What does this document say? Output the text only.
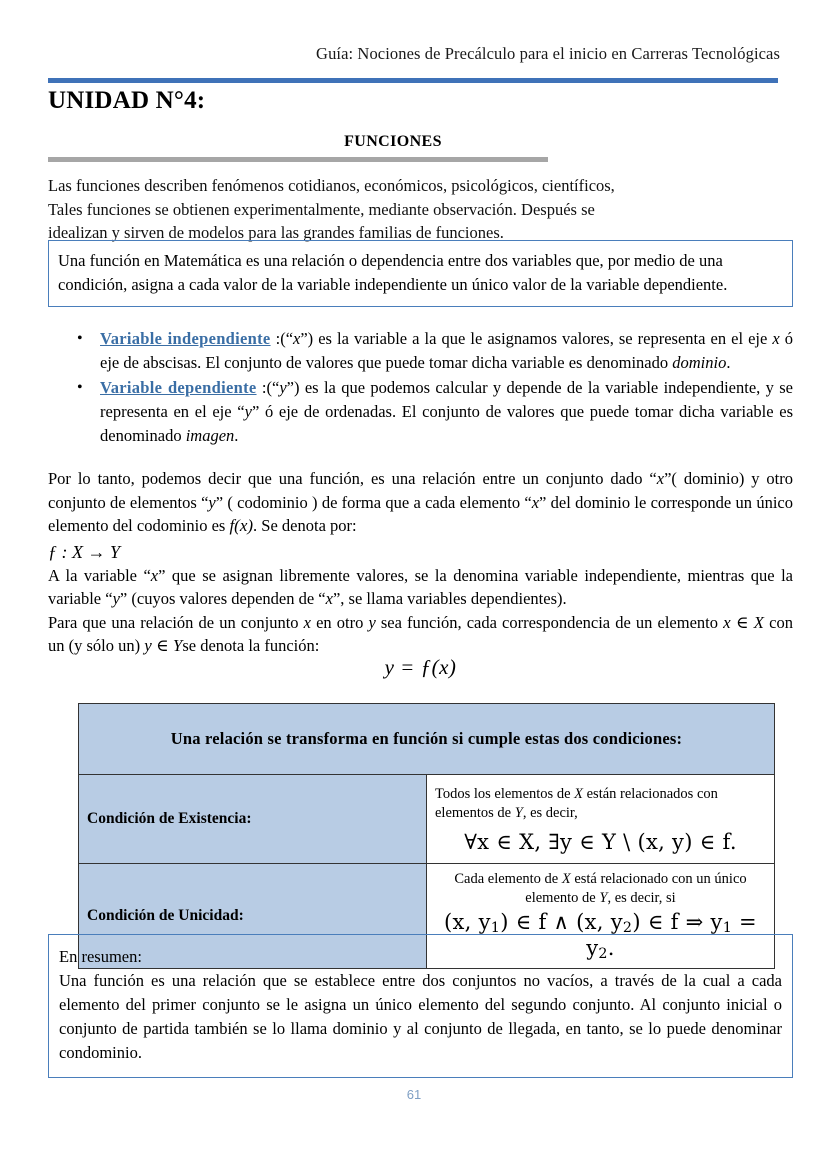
Guía: Nociones de Precálculo para el inicio en Carreras Tecnológicas
UNIDAD N°4:
FUNCIONES
Las funciones describen fenómenos cotidianos, económicos, psicológicos, científicos,
Tales funciones se obtienen experimentalmente, mediante observación. Después se
idealizan y sirven de modelos para las grandes familias de funciones.
Una función en Matemática es una relación o dependencia entre dos variables que, por medio de una condición, asigna a cada valor de la variable independiente un único valor de la variable dependiente.
• Variable independiente :(“x”) es la variable a la que le asignamos valores, se representa en el eje x ó eje de abscisas. El conjunto de valores que puede tomar dicha variable es denominado dominio.
• Variable dependiente :(“y”) es la que podemos calcular y depende de la variable independiente, y se representa en el eje “y” ó eje de ordenadas. El conjunto de valores que puede tomar dicha variable es denominado imagen.
Por lo tanto, podemos decir que una función, es una relación entre un conjunto dado “x”( dominio) y otro conjunto de elementos “y” ( codominio ) de forma que a cada elemento “x” del dominio le corresponde un único elemento del codominio es f(x). Se denota por:
ƒ : X → Y
A la variable “x” que se asignan libremente valores, se la denomina variable independiente, mientras que la variable “y” (cuyos valores dependen de “x”, se llama variables dependientes).
Para que una relación de un conjunto x en otro y sea función, cada correspondencia de un elemento x ∈ X con un (y sólo un) y ∈ Yse denota la función:
y = ƒ(x)
Una relación se transforma en función si cumple estas dos condiciones:	
Condición de Existencia:	Todos los elementos de X están relacionados con elementos de Y, es decir,
∀x ∈ X, ∃y ∈ Y \ (x, y) ∈ f.

Condición de Unicidad:	Cada elemento de X está relacionado con un único elemento de Y, es decir, si
(x, $y_1$) ∈ f ∧ (x, $y_2$) ∈ f ⇒ $y_1 = y_2$.
En resumen:
Una función es una relación que se establece entre dos conjuntos no vacíos, a través de la cual a cada elemento del primer conjunto se le asigna un único elemento del segundo conjunto. Al conjunto inicial o conjunto de partida también se lo llama dominio y al conjunto de llegada, en tanto, se lo puede denominar condominio.
61
